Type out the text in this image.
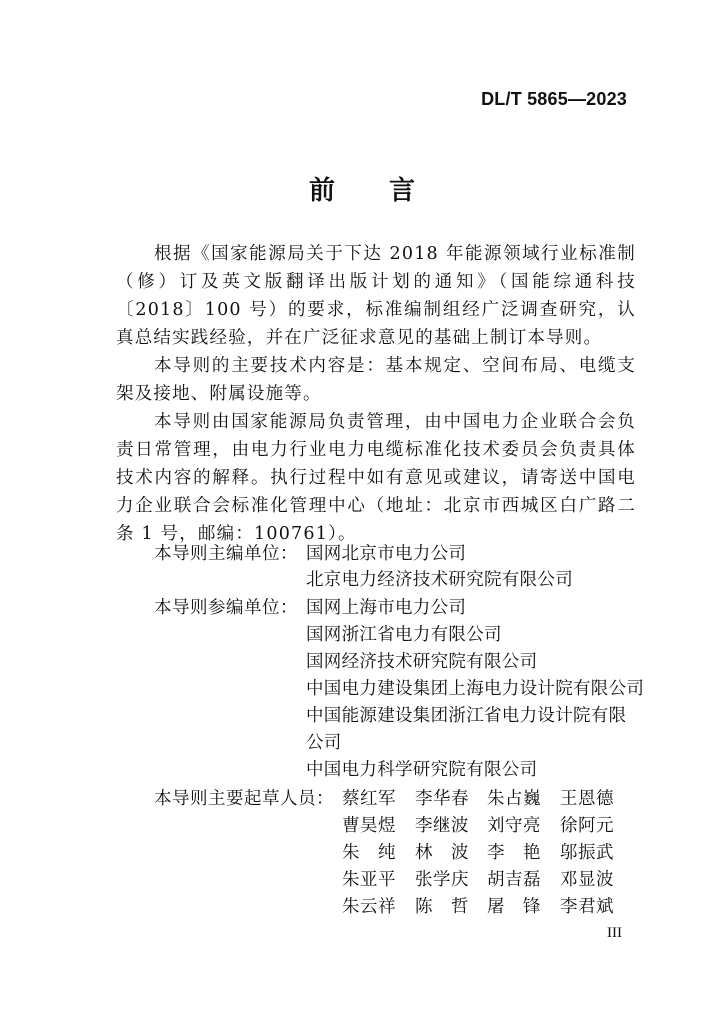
DL/T 5865—2023
前言
根据《国家能源局关于下达 2018 年能源领域行业标准制（修）订及英文版翻译出版计划的通知》（国能综通科技〔2018〕100 号）的要求，标准编制组经广泛调查研究，认真总结实践经验，并在广泛征求意见的基础上制订本导则。
本导则的主要技术内容是：基本规定、空间布局、电缆支架及接地、附属设施等。
本导则由国家能源局负责管理，由中国电力企业联合会负责日常管理，由电力行业电力电缆标准化技术委员会负责具体技术内容的解释。执行过程中如有意见或建议，请寄送中国电力企业联合会标准化管理中心（地址：北京市西城区白广路二条 1 号，邮编：100761）。
本导则主编单位： 国网北京市电力公司
北京电力经济技术研究院有限公司
本导则参编单位： 国网上海市电力公司
国网浙江省电力有限公司
国网经济技术研究院有限公司
中国电力建设集团上海电力设计院有限公司
中国能源建设集团浙江省电力设计院有限
公司
中国电力科学研究院有限公司
本导则主要起草人员： 蔡红军 李华春 朱占巍 王恩德
曹昊煜 李继波 刘守亮 徐阿元
朱　纯 林　波 李　艳 邬振武
朱亚平 张学庆 胡吉磊 邓显波
朱云祥 陈　哲 屠　锋 李君斌
III
